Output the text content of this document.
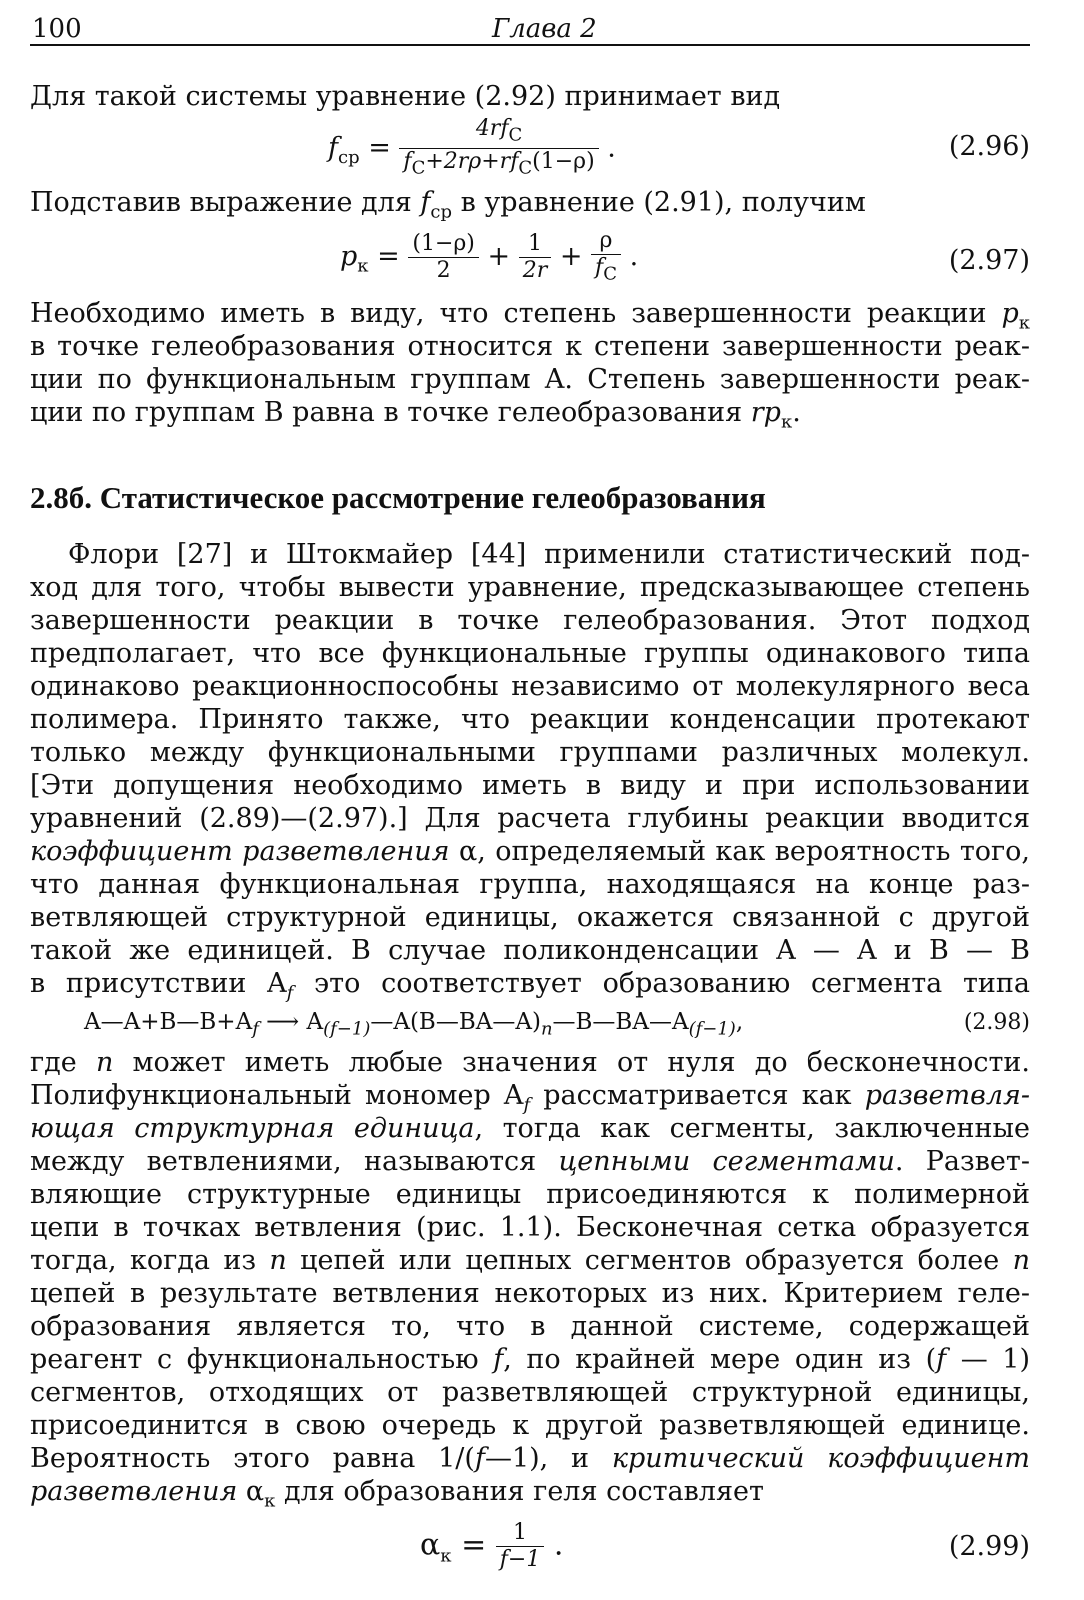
100	Глава 2
Для такой системы уравнение (2.92) принимает вид
$f_{ср} = \frac{4rf_C}{f_C+2r\rho+rf_C(1-\rho)}$ .	(2.96)
Подставив выражение для $f_{ср}$ в уравнение (2.91), получим
$p_к = \frac{(1-\rho)}{2} + \frac{1}{2r} + \frac{\rho}{f_C}$ .	(2.97)
Необходимо иметь в виду, что степень завершенности реакции $p_к$
в точке гелеобразования относится к степени завершенности реак-
ции по функциональным группам A. Степень завершенности реак-
ции по группам B равна в точке гелеобразования $rp_к$.
2.8б. Статистическое рассмотрение гелеобразования
Флори [27] и Штокмайер [44] применили статистический под-
ход для того, чтобы вывести уравнение, предсказывающее степень
завершенности реакции в точке гелеобразования. Этот подход
предполагает, что все функциональные группы одинакового типа
одинаково реакционноспособны независимо от молекулярного веса
полимера. Принято также, что реакции конденсации протекают
только между функциональными группами различных молекул.
[Эти допущения необходимо иметь в виду и при использовании
уравнений (2.89)—(2.97).] Для расчета глубины реакции вводится
коэффициент разветвления α, определяемый как вероятность того,
что данная функциональная группа, находящаяся на конце раз-
ветвляющей структурной единицы, окажется связанной с другой
такой же единицей. В случае поликонденсации A — A и B — B
в присутствии $A_f$ это соответствует образованию сегмента типа
$A—A+B—B+A_f$ ⟶ $A_{(f-1)}—A(B—BA—A)_n—B—BA—A_{(f-1)}$,	(2.98)
где n может иметь любые значения от нуля до бесконечности.
Полифункциональный мономер $A_f$ рассматривается как разветвля-
ющая структурная единица, тогда как сегменты, заключенные
между ветвлениями, называются цепными сегментами. Развет-
вляющие структурные единицы присоединяются к полимерной
цепи в точках ветвления (рис. 1.1). Бесконечная сетка образуется
тогда, когда из n цепей или цепных сегментов образуется более n
цепей в результате ветвления некоторых из них. Критерием геле-
образования является то, что в данной системе, содержащей
реагент с функциональностью f, по крайней мере один из (f — 1)
сегментов, отходящих от разветвляющей структурной единицы,
присоединится в свою очередь к другой разветвляющей единице.
Вероятность этого равна 1/(f—1), и критический коэффициент
разветвления $\alpha_к$ для образования геля составляет
$\alpha_к = \frac{1}{f-1}$ .	(2.99)
